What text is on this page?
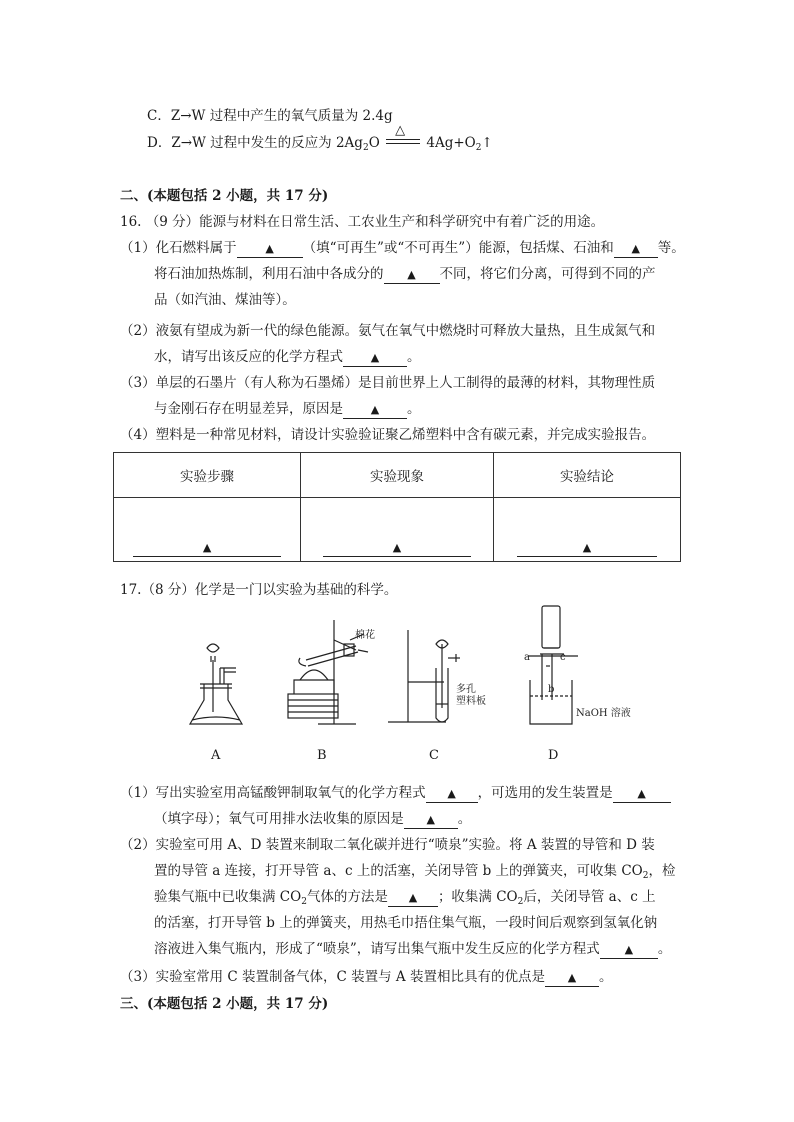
C．Z→W 过程中产生的氧气质量为 2.4g
D．Z→W 过程中发生的反应为 $2Ag_2O$
△
$4Ag+O_2↑$
二、(本题包括 2 小题，共 17 分)
16. （9 分）能源与材料在日常生活、工农业生产和科学研究中有着广泛的用途。
（1）化石燃料属于	▲ （填“可再生”或“不可再生”）能源，包括煤、石油和 ▲ 等。
将石油加热炼制，利用石油中各成分的 ▲ 不同，将它们分离，可得到不同的产
品（如汽油、煤油等）。
（2）液氨有望成为新一代的绿色能源。氨气在氧气中燃烧时可释放大量热，且生成氮气和
水，请写出该反应的化学方程式	▲ 。
（3）单层的石墨片（有人称为石墨烯）是目前世界上人工制得的最薄的材料，其物理性质
与金刚石存在明显差异，原因是	▲ 。
（4）塑料是一种常见材料，请设计实验验证聚乙烯塑料中含有碳元素，并完成实验报告。
实验步骤	实验现象	实验结论
▲	▲	▲
17.（8 分）化学是一门以实验为基础的科学。
棉花
多孔
塑料板
a	c
b
NaOH 溶液
A	B	C	D
（1）写出实验室用高锰酸钾制取氧气的化学方程式 ▲ ，可选用的发生装置是 ▲
（填字母）；氧气可用排水法收集的原因是 ▲ 。
（2）实验室可用 A、D 装置来制取二氧化碳并进行“喷泉”实验。将 A 装置的导管和 D 装
置的导管 a 连接，打开导管 a、c 上的活塞，关闭导管 b 上的弹簧夹，可收集 $CO_2$，检
验集气瓶中已收集满 $CO_2$气体的方法是 ▲ ；收集满 $CO_2$后，关闭导管 a、c 上
的活塞，打开导管 b 上的弹簧夹，用热毛巾捂住集气瓶，一段时间后观察到氢氧化钠
溶液进入集气瓶内，形成了“喷泉”，请写出集气瓶中发生反应的化学方程式 ▲ 。
（3）实验室常用 C 装置制备气体，C 装置与 A 装置相比具有的优点是 ▲ 。
三、(本题包括 2 小题，共 17 分)
